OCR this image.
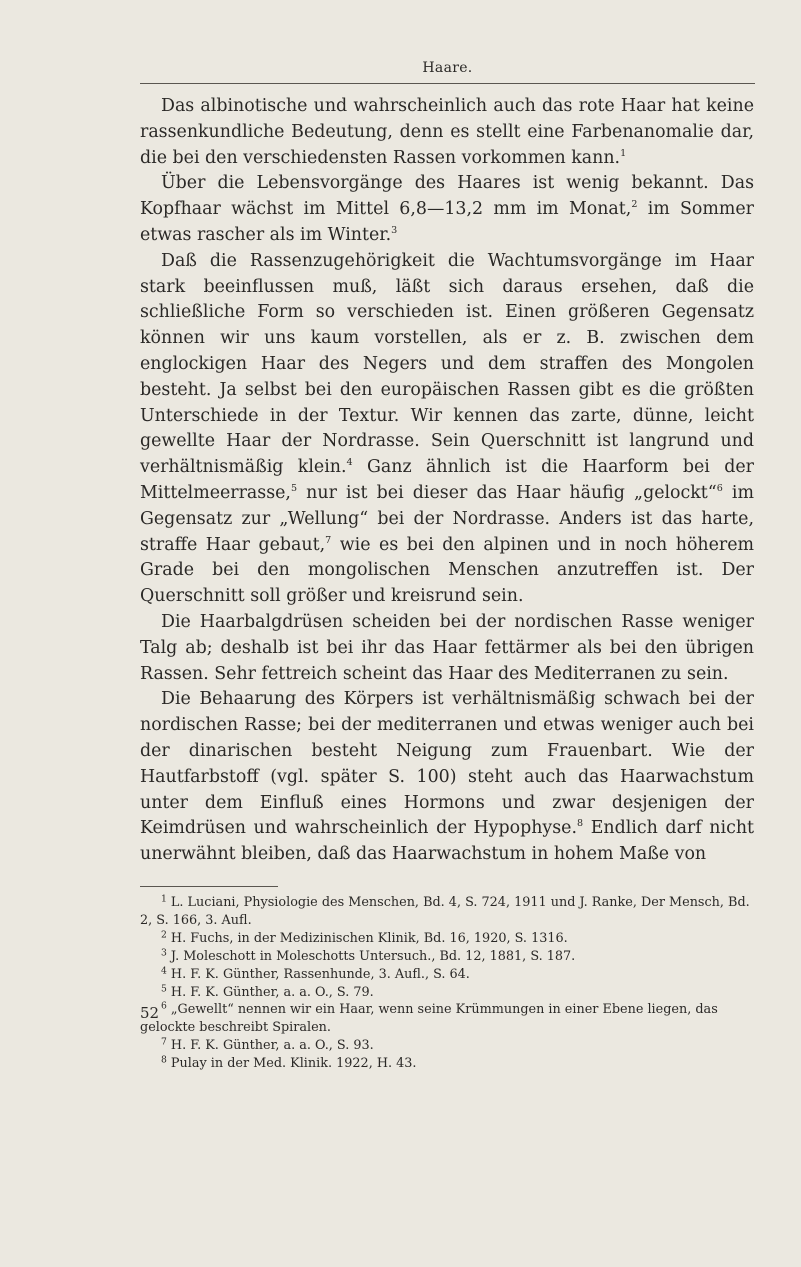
Haare.

Das albinotische und wahrscheinlich auch das rote Haar hat keine rassenkundliche Bedeutung, denn es stellt eine Farbenanomalie dar, die bei den verschiedensten Rassen vorkommen kann.$^1$

Über die Lebensvorgänge des Haares ist wenig bekannt. Das Kopfhaar wächst im Mittel 6,8—13,2 mm im Monat,$^2$ im Sommer etwas rascher als im Winter.$^3$

Daß die Rassenzugehörigkeit die Wachtumsvorgänge im Haar stark beeinflussen muß, läßt sich daraus ersehen, daß die schließliche Form so verschieden ist. Einen größeren Gegensatz können wir uns kaum vorstellen, als er z. B. zwischen dem englockigen Haar des Negers und dem straffen des Mongolen besteht. Ja selbst bei den europäischen Rassen gibt es die größten Unterschiede in der Textur. Wir kennen das zarte, dünne, leicht gewellte Haar der Nordrasse. Sein Querschnitt ist langrund und verhältnismäßig klein.$^4$ Ganz ähnlich ist die Haarform bei der Mittelmeerrasse,$^5$ nur ist bei dieser das Haar häufig „gelockt“$^6$ im Gegensatz zur „Wellung“ bei der Nordrasse. Anders ist das harte, straffe Haar gebaut,$^7$ wie es bei den alpinen und in noch höherem Grade bei den mongolischen Menschen anzutreffen ist. Der Querschnitt soll größer und kreisrund sein.

Die Haarbalgdrüsen scheiden bei der nordischen Rasse weniger Talg ab; deshalb ist bei ihr das Haar fettärmer als bei den übrigen Rassen. Sehr fettreich scheint das Haar des Mediterranen zu sein.

Die Behaarung des Körpers ist verhältnismäßig schwach bei der nordischen Rasse; bei der mediterranen und etwas weniger auch bei der dinarischen besteht Neigung zum Frauenbart. Wie der Hautfarbstoff (vgl. später S. 100) steht auch das Haarwachstum unter dem Einfluß eines Hormons und zwar desjenigen der Keimdrüsen und wahrscheinlich der Hypophyse.$^8$ Endlich darf nicht unerwähnt bleiben, daß das Haarwachstum in hohem Maße von

$^1$ L. Luciani, Physiologie des Menschen, Bd. 4, S. 724, 1911 und J. Ranke, Der Mensch, Bd. 2, S. 166, 3. Aufl.

$^2$ H. Fuchs, in der Medizinischen Klinik, Bd. 16, 1920, S. 1316.

$^3$ J. Moleschott in Moleschotts Untersuch., Bd. 12, 1881, S. 187.

$^4$ H. F. K. Günther, Rassenhunde, 3. Aufl., S. 64.

$^5$ H. F. K. Günther, a. a. O., S. 79.

$^6$ „Gewellt“ nennen wir ein Haar, wenn seine Krümmungen in einer Ebene liegen, das gelockte beschreibt Spiralen.

$^7$ H. F. K. Günther, a. a. O., S. 93.

$^8$ Pulay in der Med. Klinik. 1922, H. 43.

52
